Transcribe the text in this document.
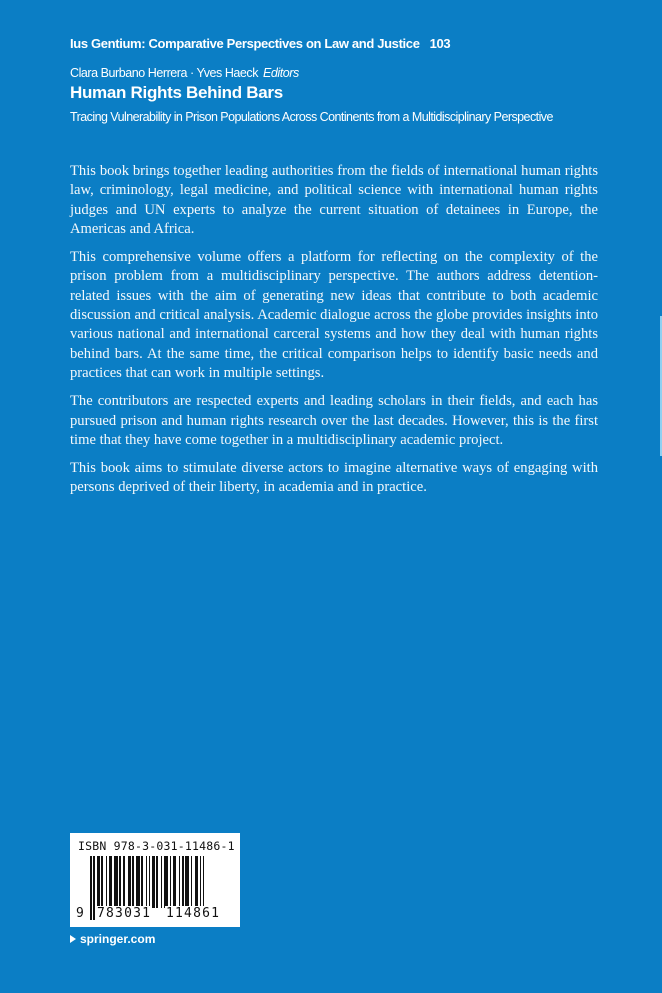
Ius Gentium: Comparative Perspectives on Law and Justice 103
Clara Burbano Herrera · Yves Haeck Editors
Human Rights Behind Bars
Tracing Vulnerability in Prison Populations Across Continents from a Multidisciplinary Perspective

This book brings together leading authorities from the fields of international human rights law, criminology, legal medicine, and political science with international human rights judges and UN experts to analyze the current situation of detainees in Europe, the Americas and Africa.

This comprehensive volume offers a platform for reflecting on the complexity of the prison problem from a multidisciplinary perspective. The authors address detention-related issues with the aim of generating new ideas that contribute to both academic discussion and critical analysis. Academic dialogue across the globe provides insights into various national and international carceral systems and how they deal with human rights behind bars. At the same time, the critical comparison helps to identify basic needs and practices that can work in multiple settings.

The contributors are respected experts and leading scholars in their fields, and each has pursued prison and human rights research over the last decades. However, this is the first time that they have come together in a multidisciplinary academic project.

This book aims to stimulate diverse actors to imagine alternative ways of engaging with persons deprived of their liberty, in academia and in practice.

ISBN 978-3-031-11486-1
9 783031 114861
springer.com
